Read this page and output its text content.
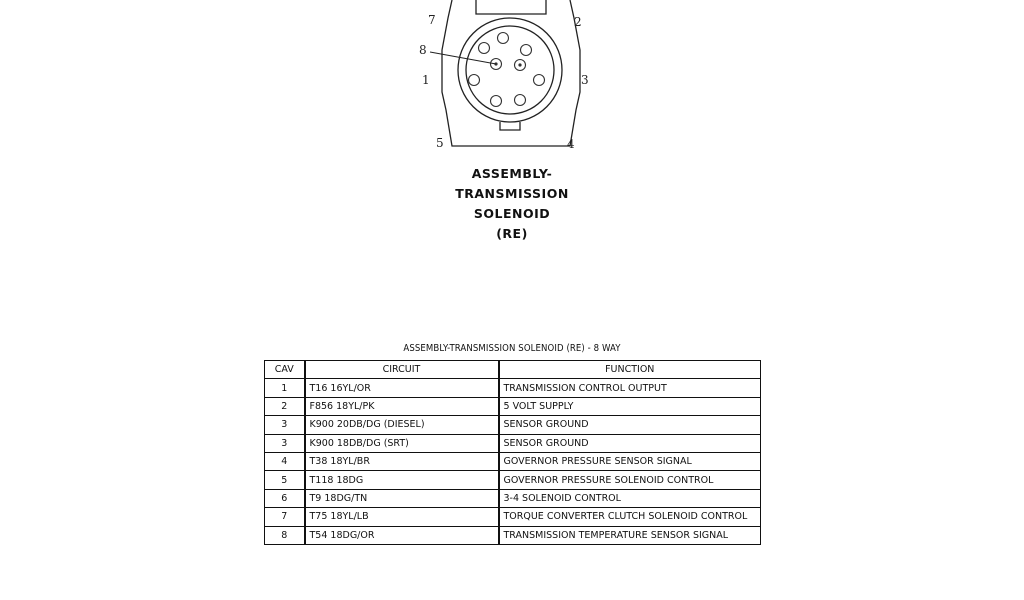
7	2
8
1	3
5	4
ASSEMBLY-
TRANSMISSION
SOLENOID
(RE)
ASSEMBLY-TRANSMISSION SOLENOID (RE) - 8 WAY
CAV	CIRCUIT	FUNCTION
1	T16 16YL/OR	TRANSMISSION CONTROL OUTPUT
2	F856 18YL/PK	5 VOLT SUPPLY
3	K900 20DB/DG (DIESEL)	SENSOR GROUND
3	K900 18DB/DG (SRT)	SENSOR GROUND
4	T38 18YL/BR	GOVERNOR PRESSURE SENSOR SIGNAL
5	T118 18DG	GOVERNOR PRESSURE SOLENOID CONTROL
6	T9 18DG/TN	3-4 SOLENOID CONTROL
7	T75 18YL/LB	TORQUE CONVERTER CLUTCH SOLENOID CONTROL
8	T54 18DG/OR	TRANSMISSION TEMPERATURE SENSOR SIGNAL
